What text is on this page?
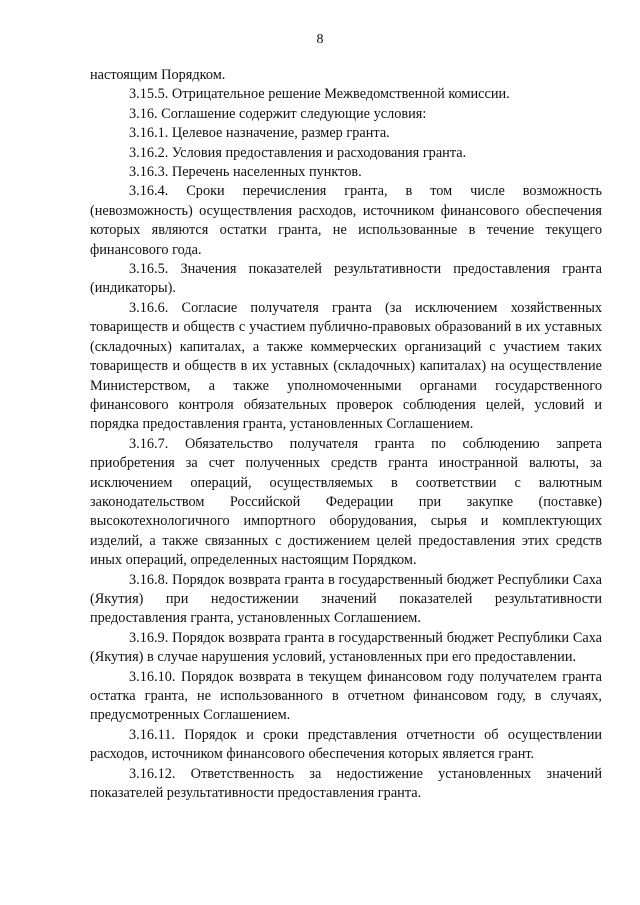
8

настоящим Порядком.

3.15.5. Отрицательное решение Межведомственной комиссии.

3.16. Соглашение содержит следующие условия:

3.16.1. Целевое назначение, размер гранта.

3.16.2. Условия предоставления и расходования гранта.

3.16.3. Перечень населенных пунктов.

3.16.4. Сроки перечисления гранта, в том числе возможность (невозможность) осуществления расходов, источником финансового обеспечения которых являются остатки гранта, не использованные в течение текущего финансового года.

3.16.5. Значения показателей результативности предоставления гранта (индикаторы).

3.16.6. Согласие получателя гранта (за исключением хозяйственных товариществ и обществ с участием публично-правовых образований в их уставных (складочных) капиталах, а также коммерческих организаций с участием таких товариществ и обществ в их уставных (складочных) капиталах) на осуществление Министерством, а также уполномоченными органами государственного финансового контроля обязательных проверок соблюдения целей, условий и порядка предоставления гранта, установленных Соглашением.

3.16.7. Обязательство получателя гранта по соблюдению запрета приобретения за счет полученных средств гранта иностранной валюты, за исключением операций, осуществляемых в соответствии с валютным законодательством Российской Федерации при закупке (поставке) высокотехнологичного импортного оборудования, сырья и комплектующих изделий, а также связанных с достижением целей предоставления этих средств иных операций, определенных настоящим Порядком.

3.16.8. Порядок возврата гранта в государственный бюджет Республики Саха (Якутия) при недостижении значений показателей результативности предоставления гранта, установленных Соглашением.

3.16.9. Порядок возврата гранта в государственный бюджет Республики Саха (Якутия) в случае нарушения условий, установленных при его предоставлении.

3.16.10. Порядок возврата в текущем финансовом году получателем гранта остатка гранта, не использованного в отчетном финансовом году, в случаях, предусмотренных Соглашением.

3.16.11. Порядок и сроки представления отчетности об осуществлении расходов, источником финансового обеспечения которых является грант.

3.16.12. Ответственность за недостижение установленных значений показателей результативности предоставления гранта.
